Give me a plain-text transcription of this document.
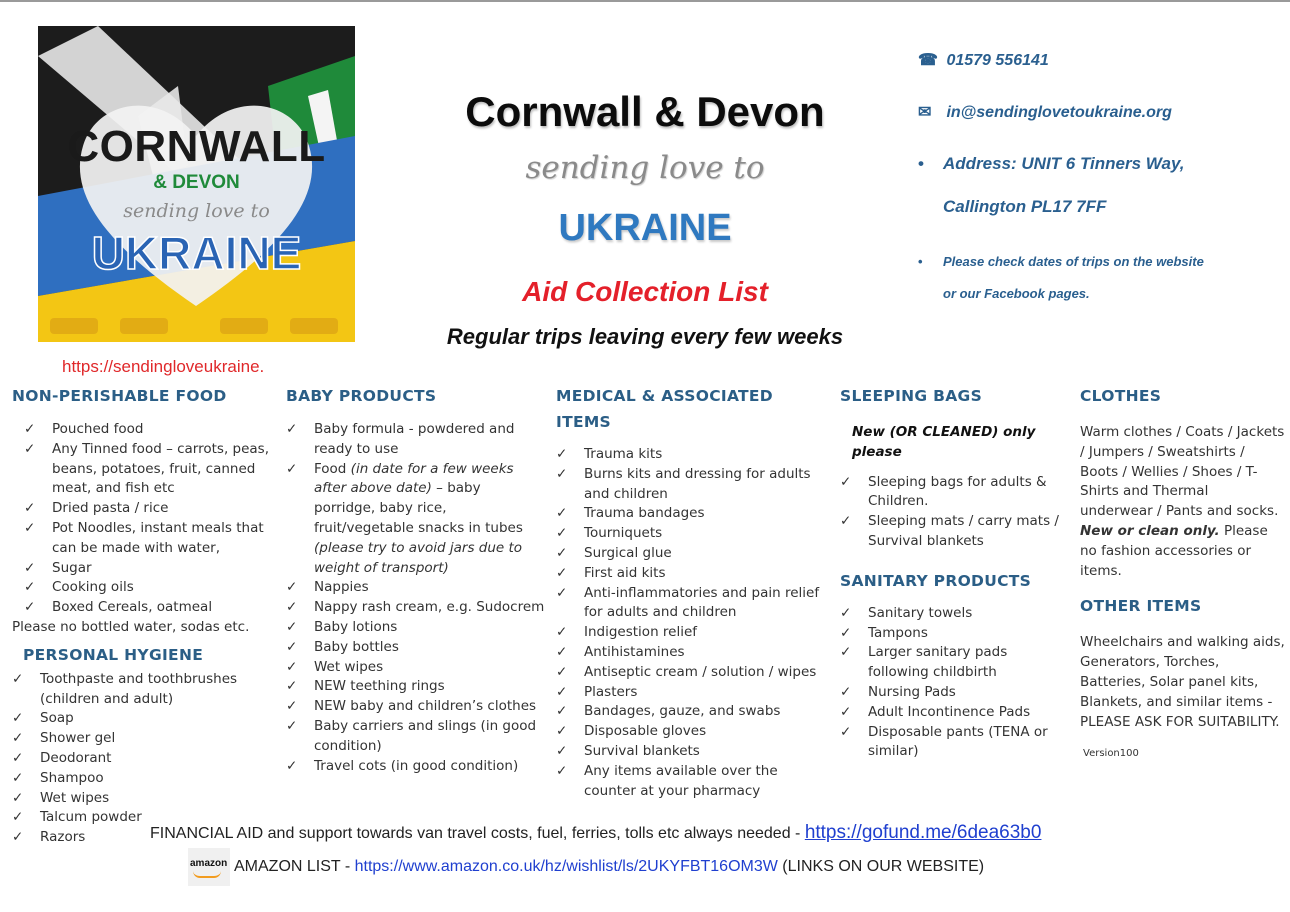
CORNWALL
& DEVON
sending love to
UKRAINE
https://sendingloveukraine.
Cornwall & Devon
sending love to
UKRAINE
Aid Collection List
Regular trips leaving every few weeks
☎ 01579 556141
✉ in@sendinglovetoukraine.org
• Address: UNIT 6 Tinners Way,
Callington PL17 7FF
• Please check dates of trips on the website
or our Facebook pages.
NON-PERISHABLE FOOD
✓ Pouched food
✓ Any Tinned food – carrots, peas, beans, potatoes, fruit, canned meat, and fish etc
✓ Dried pasta / rice
✓ Pot Noodles, instant meals that can be made with water,
✓ Sugar
✓ Cooking oils
✓ Boxed Cereals, oatmeal

Please no bottled water, sodas etc.

PERSONAL HYGIENE
✓ Toothpaste and toothbrushes (children and adult)
✓ Soap
✓ Shower gel
✓ Deodorant
✓ Shampoo
✓ Wet wipes
✓ Talcum powder
✓ Razors
BABY PRODUCTS
✓ Baby formula - powdered and ready to use
✓ Food (in date for a few weeks after above date) – baby porridge, baby rice, fruit/vegetable snacks in tubes (please try to avoid jars due to weight of transport)
✓ Nappies
✓ Nappy rash cream, e.g. Sudocrem
✓ Baby lotions
✓ Baby bottles
✓ Wet wipes
✓ NEW teething rings
✓ NEW baby and children’s clothes
✓ Baby carriers and slings (in good condition)
✓ Travel cots (in good condition)
MEDICAL & ASSOCIATED
ITEMS
✓ Trauma kits
✓ Burns kits and dressing for adults and children
✓ Trauma bandages
✓ Tourniquets
✓ Surgical glue
✓ First aid kits
✓ Anti-inflammatories and pain relief for adults and children
✓ Indigestion relief
✓ Antihistamines
✓ Antiseptic cream / solution / wipes
✓ Plasters
✓ Bandages, gauze, and swabs
✓ Disposable gloves
✓ Survival blankets
✓ Any items available over the counter at your pharmacy
SLEEPING BAGS

New (OR CLEANED) only please

✓ Sleeping bags for adults & Children.
✓ Sleeping mats / carry mats / Survival blankets
SANITARY PRODUCTS
✓ Sanitary towels
✓ Tampons
✓ Larger sanitary pads following childbirth
✓ Nursing Pads
✓ Adult Incontinence Pads
✓ Disposable pants (TENA or similar)
CLOTHES

Warm clothes / Coats / Jackets / Jumpers / Sweatshirts / Boots / Wellies / Shoes / T-Shirts and Thermal underwear / Pants and socks. New or clean only. Please no fashion accessories or items.

OTHER ITEMS

Wheelchairs and walking aids, Generators, Torches, Batteries, Solar panel kits, Blankets, and similar items - PLEASE ASK FOR SUITABILITY.

Version100

FINANCIAL AID and support towards van travel costs, fuel, ferries, tolls etc always needed - https://gofund.me/6dea63b0
amazon AMAZON LIST - https://www.amazon.co.uk/hz/wishlist/ls/2UKYFBT16OM3W (LINKS ON OUR WEBSITE)
